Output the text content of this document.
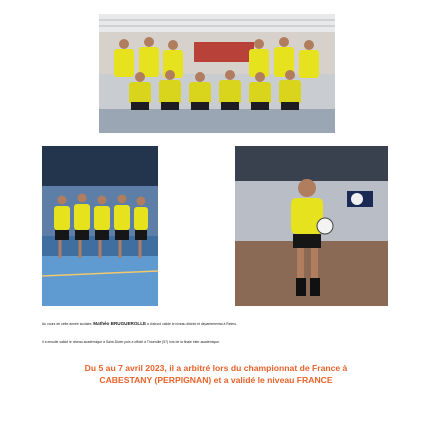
Au cours de cette année scolaire, Mathéo BRUGUEROLLE a d'abord validé le niveau district et départemental à Reims.
Il a ensuite validé le niveau académique à Saint-Dizier puis a officié à Thionville (57) lors de la finale inter-académique.
Du 5 au 7 avril 2023, il a arbitré lors du championnat de France à
CABESTANY (PERPIGNAN) et a validé le niveau FRANCE
